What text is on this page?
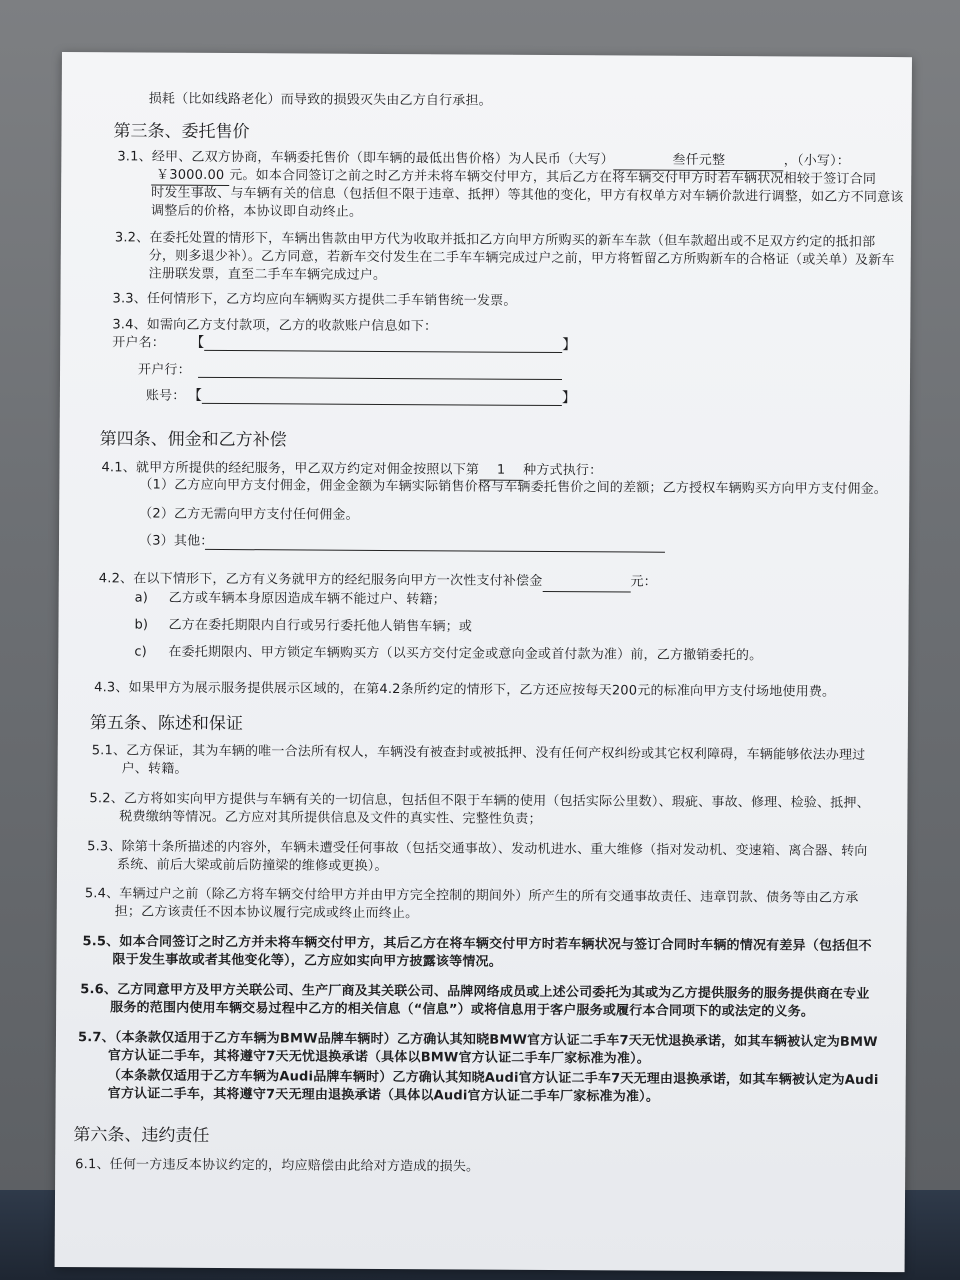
损耗（比如线路老化）而导致的损毁灭失由乙方自行承担。
第三条、委托售价
3.1、经甲、乙双方协商，车辆委托售价（即车辆的最低出售价格）为人民币（大写）	叁仟元整	，（小写）：
￥3000.00 元。如本合同签订之前之时乙方并未将车辆交付甲方，其后乙方在将车辆交付甲方时若车辆状况相较于签订合同
时发生事故、与车辆有关的信息（包括但不限于违章、抵押）等其他的变化，甲方有权单方对车辆价款进行调整，如乙方不同意该
调整后的价格，本协议即自动终止。
3.2、在委托处置的情形下，车辆出售款由甲方代为收取并抵扣乙方向甲方所购买的新车车款（但车款超出或不足双方约定的抵扣部
分，则多退少补）。乙方同意，若新车交付发生在二手车车辆完成过户之前，甲方将暂留乙方所购新车的合格证（或关单）及新车
注册联发票，直至二手车车辆完成过户。
3.3、任何情形下，乙方均应向车辆购买方提供二手车销售统一发票。
3.4、如需向乙方支付款项，乙方的收款账户信息如下：
开户名： 【	】
开户行：
账号： 【	】
第四条、佣金和乙方补偿
4.1、就甲方所提供的经纪服务，甲乙双方约定对佣金按照以下第 1 种方式执行：
（1）乙方应向甲方支付佣金，佣金金额为车辆实际销售价格与车辆委托售价之间的差额；乙方授权车辆购买方向甲方支付佣金。
（2）乙方无需向甲方支付任何佣金。
（3）其他：
4.2、在以下情形下，乙方有义务就甲方的经纪服务向甲方一次性支付补偿金	元：
a) 乙方或车辆本身原因造成车辆不能过户、转籍；
b) 乙方在委托期限内自行或另行委托他人销售车辆；或
c) 在委托期限内、甲方锁定车辆购买方（以买方交付定金或意向金或首付款为准）前，乙方撤销委托的。
4.3、如果甲方为展示服务提供展示区域的，在第4.2条所约定的情形下，乙方还应按每天200元的标准向甲方支付场地使用费。
第五条、陈述和保证
5.1、乙方保证，其为车辆的唯一合法所有权人，车辆没有被查封或被抵押、没有任何产权纠纷或其它权利障碍，车辆能够依法办理过
户、转籍。
5.2、乙方将如实向甲方提供与车辆有关的一切信息，包括但不限于车辆的使用（包括实际公里数）、瑕疵、事故、修理、检验、抵押、
税费缴纳等情况。乙方应对其所提供信息及文件的真实性、完整性负责；
5.3、除第十条所描述的内容外，车辆未遭受任何事故（包括交通事故）、发动机进水、重大维修（指对发动机、变速箱、离合器、转向
系统、前后大梁或前后防撞梁的维修或更换）。
5.4、车辆过户之前（除乙方将车辆交付给甲方并由甲方完全控制的期间外）所产生的所有交通事故责任、违章罚款、债务等由乙方承
担；乙方该责任不因本协议履行完成或终止而终止。
5.5、如本合同签订之时乙方并未将车辆交付甲方，其后乙方在将车辆交付甲方时若车辆状况与签订合同时车辆的情况有差异（包括但不
限于发生事故或者其他变化等），乙方应如实向甲方披露该等情况。
5.6、乙方同意甲方及甲方关联公司、生产厂商及其关联公司、品牌网络成员或上述公司委托为其或为乙方提供服务的服务提供商在专业
服务的范围内使用车辆交易过程中乙方的相关信息（“信息”）或将信息用于客户服务或履行本合同项下的或法定的义务。
5.7、（本条款仅适用于乙方车辆为BMW品牌车辆时）乙方确认其知晓BMW官方认证二手车7天无忧退换承诺，如其车辆被认定为BMW
官方认证二手车，其将遵守7天无忧退换承诺（具体以BMW官方认证二手车厂家标准为准）。
（本条款仅适用于乙方车辆为Audi品牌车辆时）乙方确认其知晓Audi官方认证二手车7天无理由退换承诺，如其车辆被认定为Audi
官方认证二手车，其将遵守7天无理由退换承诺（具体以Audi官方认证二手车厂家标准为准）。
第六条、违约责任
6.1、任何一方违反本协议约定的，均应赔偿由此给对方造成的损失。
